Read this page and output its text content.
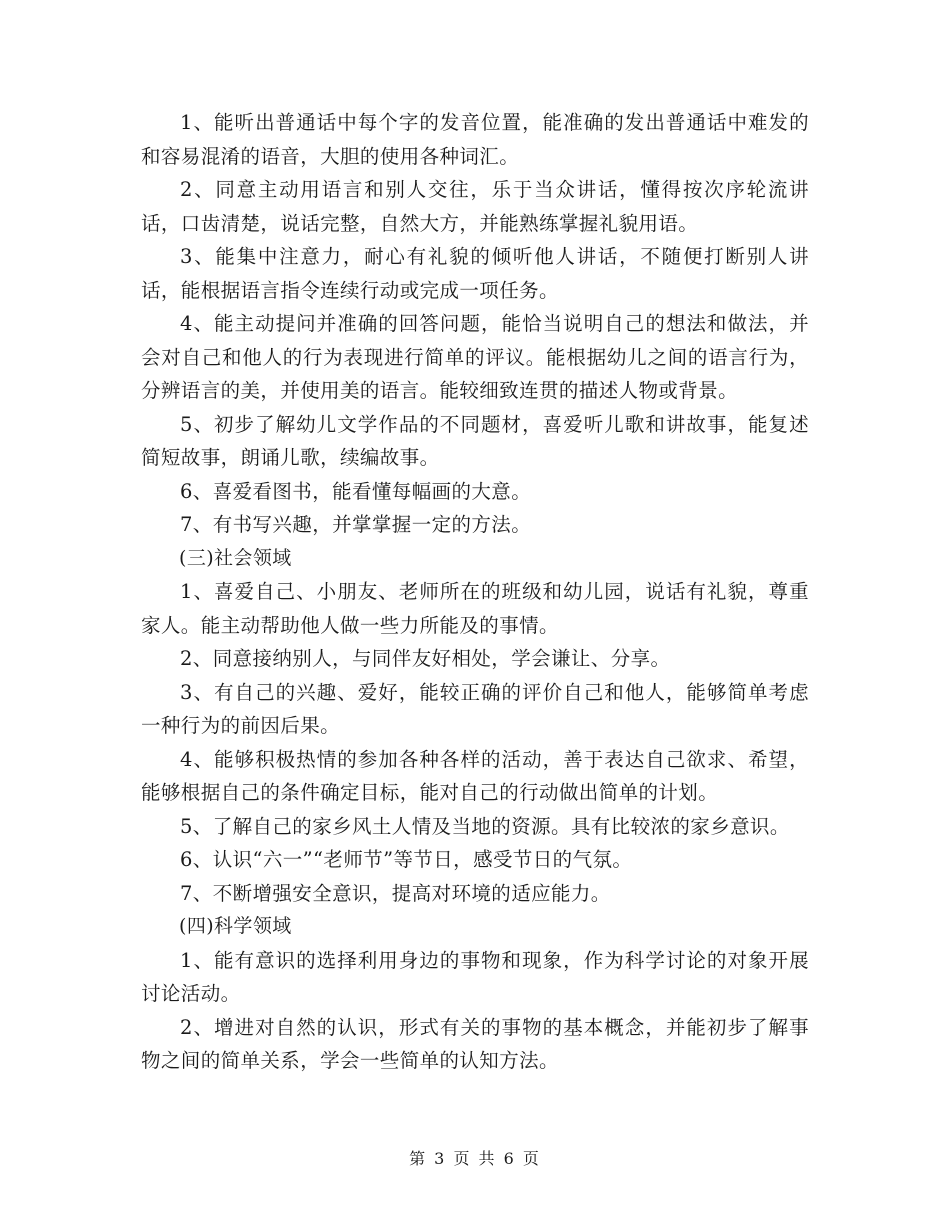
1、能听出普通话中每个字的发音位置，能准确的发出普通话中难发的和容易混淆的语音，大胆的使用各种词汇。

2、同意主动用语言和别人交往，乐于当众讲话，懂得按次序轮流讲话，口齿清楚，说话完整，自然大方，并能熟练掌握礼貌用语。

3、能集中注意力，耐心有礼貌的倾听他人讲话，不随便打断别人讲话，能根据语言指令连续行动或完成一项任务。

4、能主动提问并准确的回答问题，能恰当说明自己的想法和做法，并会对自己和他人的行为表现进行简单的评议。能根据幼儿之间的语言行为，分辨语言的美，并使用美的语言。能较细致连贯的描述人物或背景。

5、初步了解幼儿文学作品的不同题材，喜爱听儿歌和讲故事，能复述简短故事，朗诵儿歌，续编故事。

6、喜爱看图书，能看懂每幅画的大意。

7、有书写兴趣，并掌掌握一定的方法。

(三)社会领域

1、喜爱自己、小朋友、老师所在的班级和幼儿园，说话有礼貌，尊重家人。能主动帮助他人做一些力所能及的事情。

2、同意接纳别人，与同伴友好相处，学会谦让、分享。

3、有自己的兴趣、爱好，能较正确的评价自己和他人，能够简单考虑一种行为的前因后果。

4、能够积极热情的参加各种各样的活动，善于表达自己欲求、希望，能够根据自己的条件确定目标，能对自己的行动做出简单的计划。

5、了解自己的家乡风土人情及当地的资源。具有比较浓的家乡意识。

6、认识“六一”“老师节”等节日，感受节日的气氛。

7、不断增强安全意识，提高对环境的适应能力。

(四)科学领域

1、能有意识的选择利用身边的事物和现象，作为科学讨论的对象开展讨论活动。

2、增进对自然的认识，形式有关的事物的基本概念，并能初步了解事物之间的简单关系，学会一些简单的认知方法。

第 3 页 共 6 页
